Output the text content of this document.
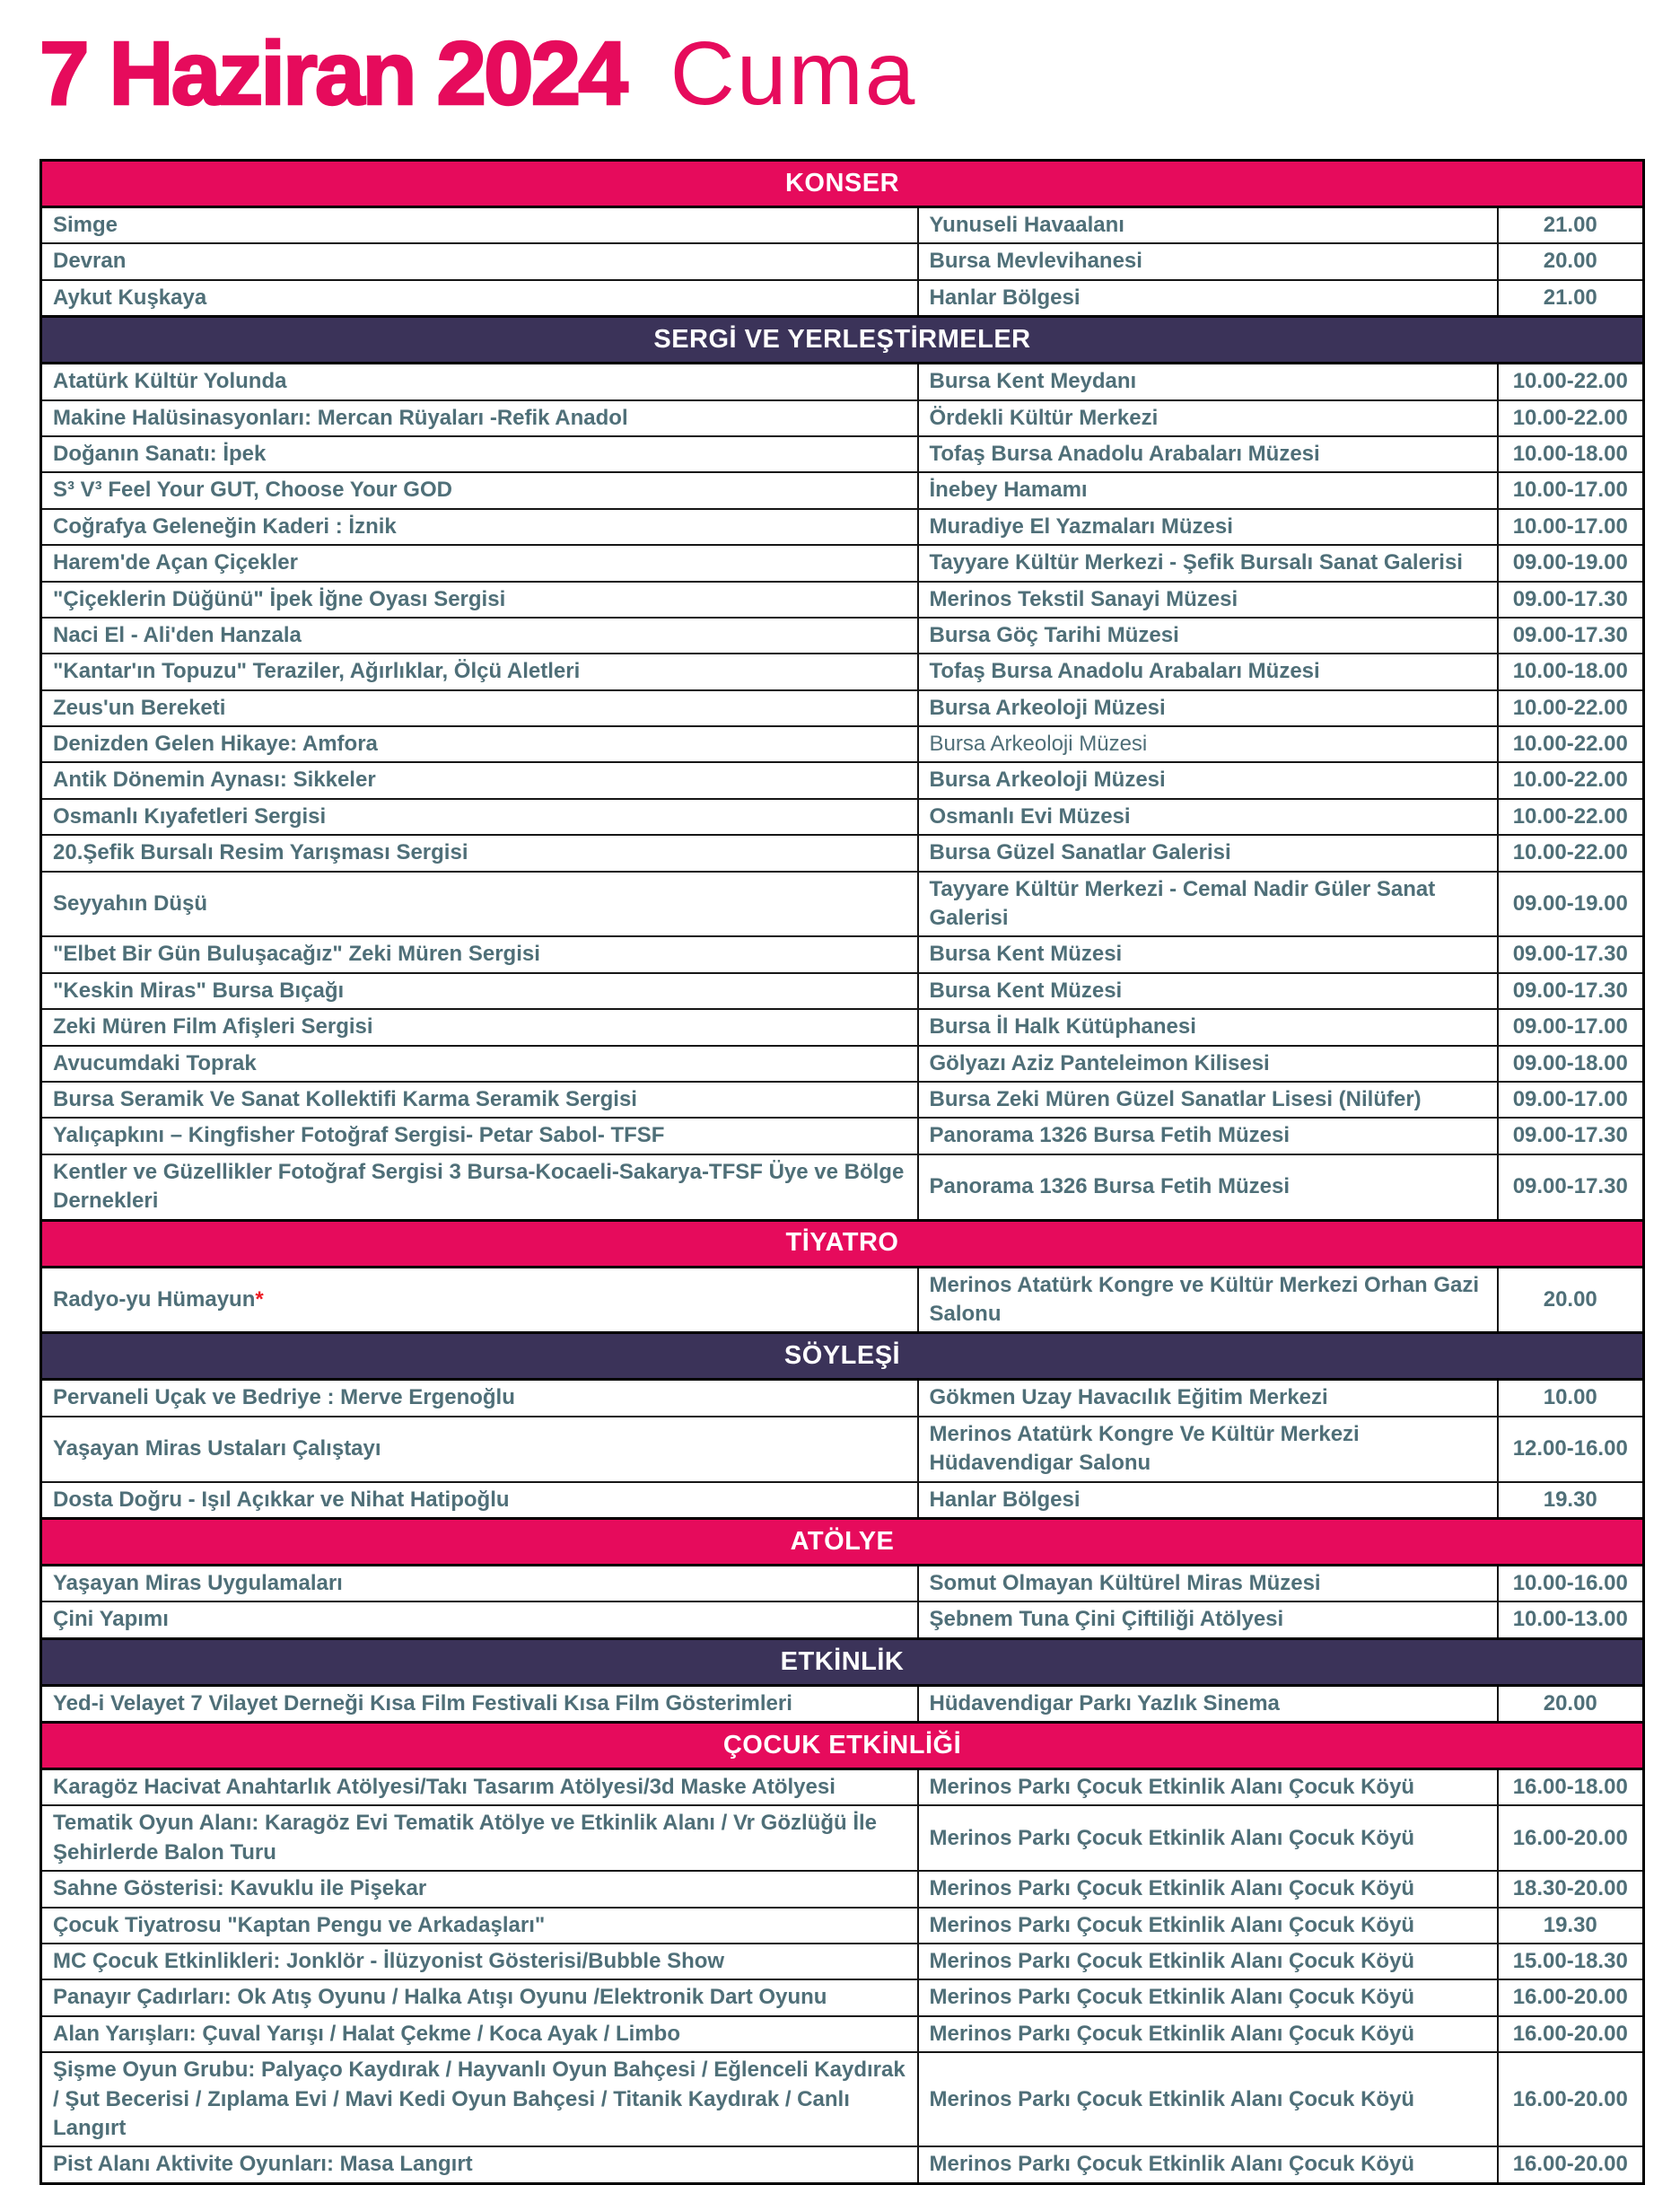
7 Haziran 2024 Cuma
KONSER		
Simge	Yunuseli Havaalanı	21.00
Devran	Bursa Mevlevihanesi	20.00
Aykut Kuşkaya	Hanlar Bölgesi	21.00
SERGİ VE YERLEŞTİRMELER		
Atatürk Kültür Yolunda	Bursa Kent Meydanı	10.00-22.00
Makine Halüsinasyonları: Mercan Rüyaları -Refik Anadol	Ördekli Kültür Merkezi	10.00-22.00
Doğanın Sanatı: İpek	Tofaş Bursa Anadolu Arabaları Müzesi	10.00-18.00
S³ V³ Feel Your GUT, Choose Your GOD	İnebey Hamamı	10.00-17.00
Coğrafya Geleneğin Kaderi : İznik	Muradiye El Yazmaları Müzesi	10.00-17.00
Harem'de Açan Çiçekler	Tayyare Kültür Merkezi - Şefik Bursalı Sanat Galerisi	09.00-19.00
"Çiçeklerin Düğünü" İpek İğne Oyası Sergisi	Merinos Tekstil Sanayi Müzesi	09.00-17.30
Naci El - Ali'den Hanzala	Bursa Göç Tarihi Müzesi	09.00-17.30
"Kantar'ın Topuzu" Teraziler, Ağırlıklar, Ölçü Aletleri	Tofaş Bursa Anadolu Arabaları Müzesi	10.00-18.00
Zeus'un Bereketi	Bursa Arkeoloji Müzesi	10.00-22.00
Denizden Gelen Hikaye: Amfora	Bursa Arkeoloji Müzesi	10.00-22.00
Antik Dönemin Aynası: Sikkeler	Bursa Arkeoloji Müzesi	10.00-22.00
Osmanlı Kıyafetleri Sergisi	Osmanlı Evi Müzesi	10.00-22.00
20.Şefik Bursalı Resim Yarışması Sergisi	Bursa Güzel Sanatlar Galerisi	10.00-22.00
Seyyahın Düşü	Tayyare Kültür Merkezi - Cemal Nadir Güler Sanat Galerisi	09.00-19.00
"Elbet Bir Gün Buluşacağız" Zeki Müren Sergisi	Bursa Kent Müzesi	09.00-17.30
"Keskin Miras" Bursa Bıçağı	Bursa Kent Müzesi	09.00-17.30
Zeki Müren Film Afişleri Sergisi	Bursa İl Halk Kütüphanesi	09.00-17.00
Avucumdaki Toprak	Gölyazı Aziz Panteleimon Kilisesi	09.00-18.00
Bursa Seramik Ve Sanat Kollektifi Karma Seramik Sergisi	Bursa Zeki Müren Güzel Sanatlar Lisesi (Nilüfer)	09.00-17.00
Yalıçapkını – Kingfisher Fotoğraf Sergisi- Petar Sabol- TFSF	Panorama 1326 Bursa Fetih Müzesi	09.00-17.30
Kentler ve Güzellikler Fotoğraf Sergisi 3 Bursa-Kocaeli-Sakarya-TFSF Üye ve Bölge Dernekleri	Panorama 1326 Bursa Fetih Müzesi	09.00-17.30
TİYATRO		
Radyo-yu Hümayun*	Merinos Atatürk Kongre ve Kültür Merkezi Orhan Gazi Salonu	20.00
SÖYLEŞİ		
Pervaneli Uçak ve Bedriye : Merve Ergenoğlu	Gökmen Uzay Havacılık Eğitim Merkezi	10.00
Yaşayan Miras Ustaları Çalıştayı	Merinos Atatürk Kongre Ve Kültür Merkezi Hüdavendigar Salonu	12.00-16.00
Dosta Doğru - Işıl Açıkkar ve Nihat Hatipoğlu	Hanlar Bölgesi	19.30
ATÖLYE		
Yaşayan Miras Uygulamaları	Somut Olmayan Kültürel Miras Müzesi	10.00-16.00
Çini Yapımı	Şebnem Tuna Çini Çiftiliği Atölyesi	10.00-13.00
ETKİNLİK		
Yed-i Velayet 7 Vilayet Derneği Kısa Film Festivali Kısa Film Gösterimleri	Hüdavendigar Parkı Yazlık Sinema	20.00
ÇOCUK ETKİNLİĞİ		
Karagöz Hacivat Anahtarlık Atölyesi/Takı Tasarım Atölyesi/3d Maske Atölyesi	Merinos Parkı Çocuk Etkinlik Alanı Çocuk Köyü	16.00-18.00
Tematik Oyun Alanı: Karagöz Evi Tematik Atölye ve Etkinlik Alanı / Vr Gözlüğü İle Şehirlerde Balon Turu	Merinos Parkı Çocuk Etkinlik Alanı Çocuk Köyü	16.00-20.00
Sahne Gösterisi: Kavuklu ile Pişekar	Merinos Parkı Çocuk Etkinlik Alanı Çocuk Köyü	18.30-20.00
Çocuk Tiyatrosu "Kaptan Pengu ve Arkadaşları"	Merinos Parkı Çocuk Etkinlik Alanı Çocuk Köyü	19.30
MC Çocuk Etkinlikleri: Jonklör - İlüzyonist Gösterisi/Bubble Show	Merinos Parkı Çocuk Etkinlik Alanı Çocuk Köyü	15.00-18.30
Panayır Çadırları: Ok Atış Oyunu / Halka Atışı Oyunu /Elektronik Dart Oyunu	Merinos Parkı Çocuk Etkinlik Alanı Çocuk Köyü	16.00-20.00
Alan Yarışları: Çuval Yarışı / Halat Çekme / Koca Ayak / Limbo	Merinos Parkı Çocuk Etkinlik Alanı Çocuk Köyü	16.00-20.00
Şişme Oyun Grubu: Palyaço Kaydırak / Hayvanlı Oyun Bahçesi / Eğlenceli Kaydırak / Şut Becerisi / Zıplama Evi / Mavi Kedi Oyun Bahçesi / Titanik Kaydırak / Canlı Langırt	Merinos Parkı Çocuk Etkinlik Alanı Çocuk Köyü	16.00-20.00
Pist Alanı Aktivite Oyunları: Masa Langırt	Merinos Parkı Çocuk Etkinlik Alanı Çocuk Köyü	16.00-20.00
